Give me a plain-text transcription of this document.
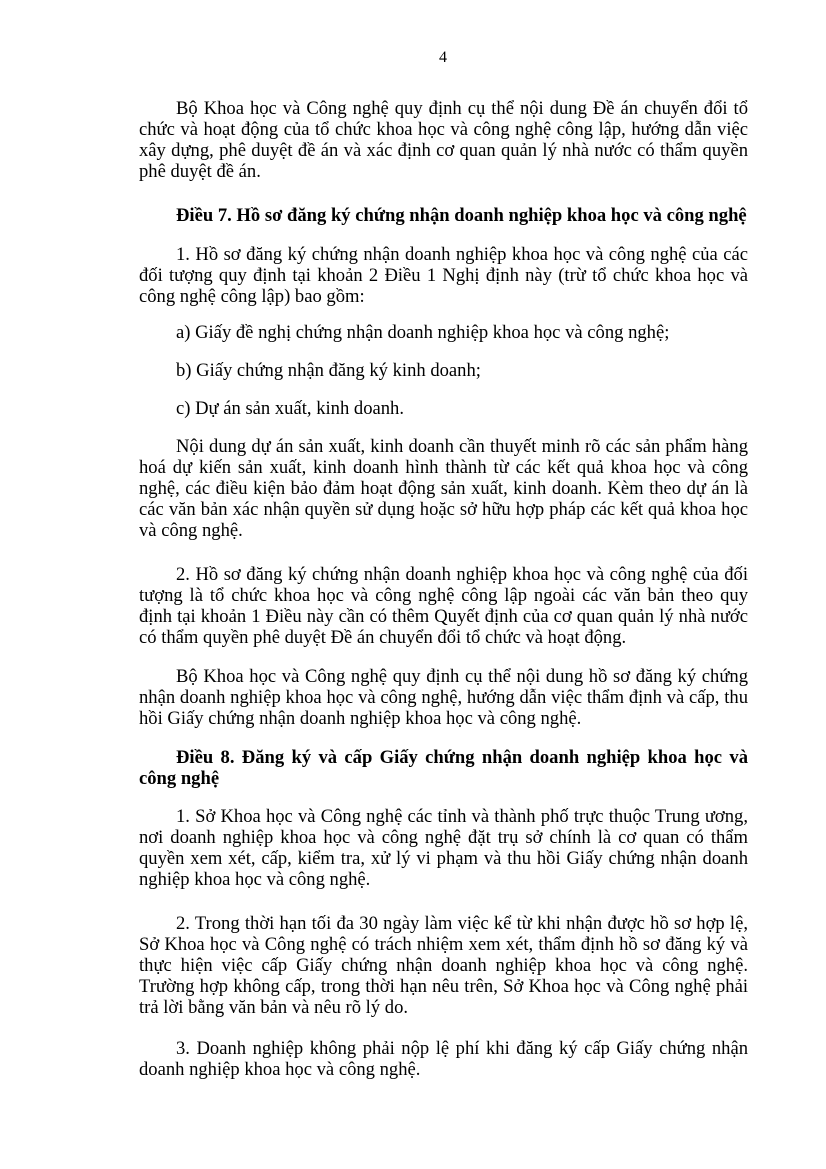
4
Bộ Khoa học và Công nghệ quy định cụ thể nội dung Đề án chuyển đổi tổ chức và hoạt động của tổ chức khoa học và công nghệ công lập, hướng dẫn việc xây dựng, phê duyệt đề án và xác định cơ quan quản lý nhà nước có thẩm quyền phê duyệt đề án.
Điều 7. Hồ sơ đăng ký chứng nhận doanh nghiệp khoa học và công nghệ
1. Hồ sơ đăng ký chứng nhận doanh nghiệp khoa học và công nghệ của các đối tượng quy định tại khoản 2 Điều 1 Nghị định này (trừ tổ chức khoa học và công nghệ công lập) bao gồm:
a) Giấy đề nghị chứng nhận doanh nghiệp khoa học và công nghệ;
b) Giấy chứng nhận đăng ký kinh doanh;
c) Dự án sản xuất, kinh doanh.
Nội dung dự án sản xuất, kinh doanh cần thuyết minh rõ các sản phẩm hàng hoá dự kiến sản xuất, kinh doanh hình thành từ các kết quả khoa học và công nghệ, các điều kiện bảo đảm hoạt động sản xuất, kinh doanh. Kèm theo dự án là các văn bản xác nhận quyền sử dụng hoặc sở hữu hợp pháp các kết quả khoa học và công nghệ.
2. Hồ sơ đăng ký chứng nhận doanh nghiệp khoa học và công nghệ của đối tượng là tổ chức khoa học và công nghệ công lập ngoài các văn bản theo quy định tại khoản 1 Điều này cần có thêm Quyết định của cơ quan quản lý nhà nước có thẩm quyền phê duyệt Đề án chuyển đổi tổ chức và hoạt động.
Bộ Khoa học và Công nghệ quy định cụ thể nội dung hồ sơ đăng ký chứng nhận doanh nghiệp khoa học và công nghệ, hướng dẫn việc thẩm định và cấp, thu hồi Giấy chứng nhận doanh nghiệp khoa học và công nghệ.
Điều 8. Đăng ký và cấp Giấy chứng nhận doanh nghiệp khoa học và công nghệ
1. Sở Khoa học và Công nghệ các tỉnh và thành phố trực thuộc Trung ương, nơi doanh nghiệp khoa học và công nghệ đặt trụ sở chính là cơ quan có thẩm quyền xem xét, cấp, kiểm tra, xử lý vi phạm và thu hồi Giấy chứng nhận doanh nghiệp khoa học và công nghệ.
2. Trong thời hạn tối đa 30 ngày làm việc kể từ khi nhận được hồ sơ hợp lệ, Sở Khoa học và Công nghệ có trách nhiệm xem xét, thẩm định hồ sơ đăng ký và thực hiện việc cấp Giấy chứng nhận doanh nghiệp khoa học và công nghệ. Trường hợp không cấp, trong thời hạn nêu trên, Sở Khoa học và Công nghệ phải trả lời bằng văn bản và nêu rõ lý do.
3. Doanh nghiệp không phải nộp lệ phí khi đăng ký cấp Giấy chứng nhận doanh nghiệp khoa học và công nghệ.
